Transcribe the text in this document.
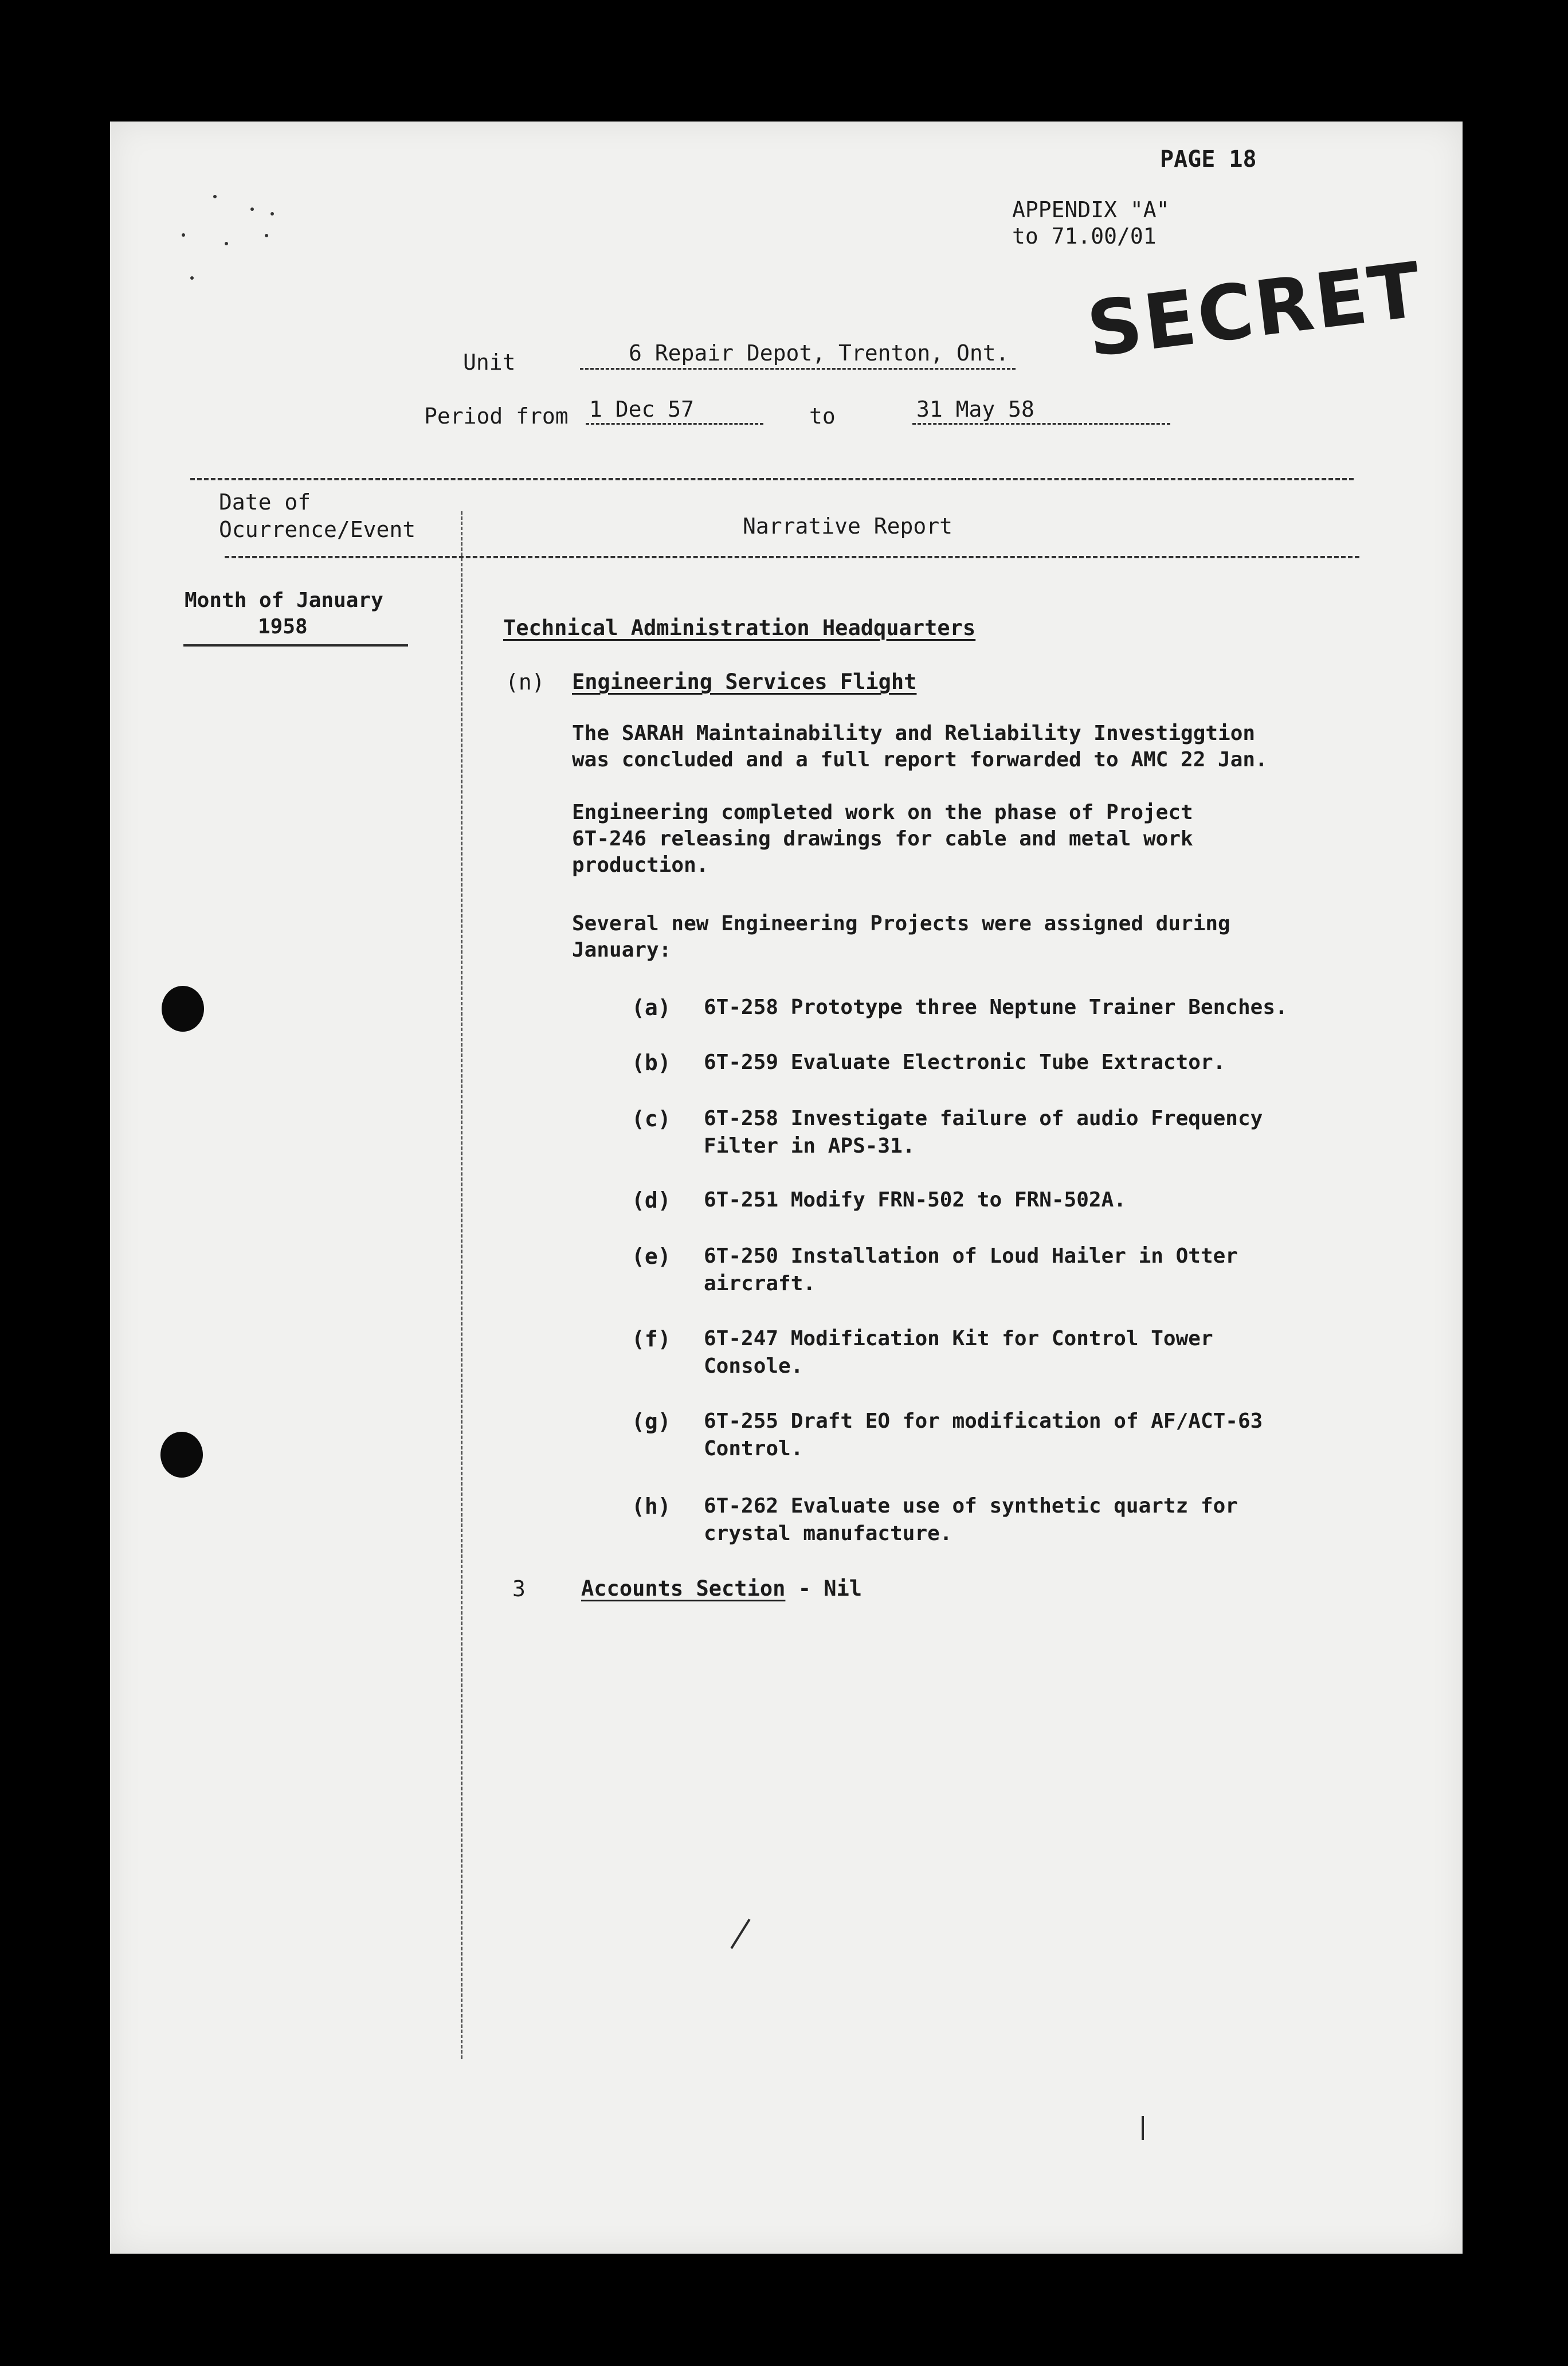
PAGE 18
APPENDIX "A"
to 71.00/01
SECRET
Unit	6 Repair Depot, Trenton, Ont.
Period from 1 Dec 57	to	31 May 58
Date of
Ocurrence/Event	Narrative Report
Month of January
1958	Technical Administration Headquarters
(n) Engineering Services Flight
The SARAH Maintainability and Reliability Investiggtion
was concluded and a full report forwarded to AMC 22 Jan.
Engineering completed work on the phase of Project
6T-246 releasing drawings for cable and metal work
production.
Several new Engineering Projects were assigned during
January:
(a)	6T-258 Prototype three Neptune Trainer Benches.
(b)	6T-259 Evaluate Electronic Tube Extractor.
(c)	6T-258 Investigate failure of audio Frequency Filter in APS-31.
(d)	6T-251 Modify FRN-502 to FRN-502A.
(e)	6T-250 Installation of Loud Hailer in Otter aircraft.
(f)	6T-247 Modification Kit for Control Tower Console.
(g)	6T-255 Draft EO for modification of AF/ACT-63 Control.
(h)	6T-262 Evaluate use of synthetic quartz for crystal manufacture.
3	Accounts Section - Nil
